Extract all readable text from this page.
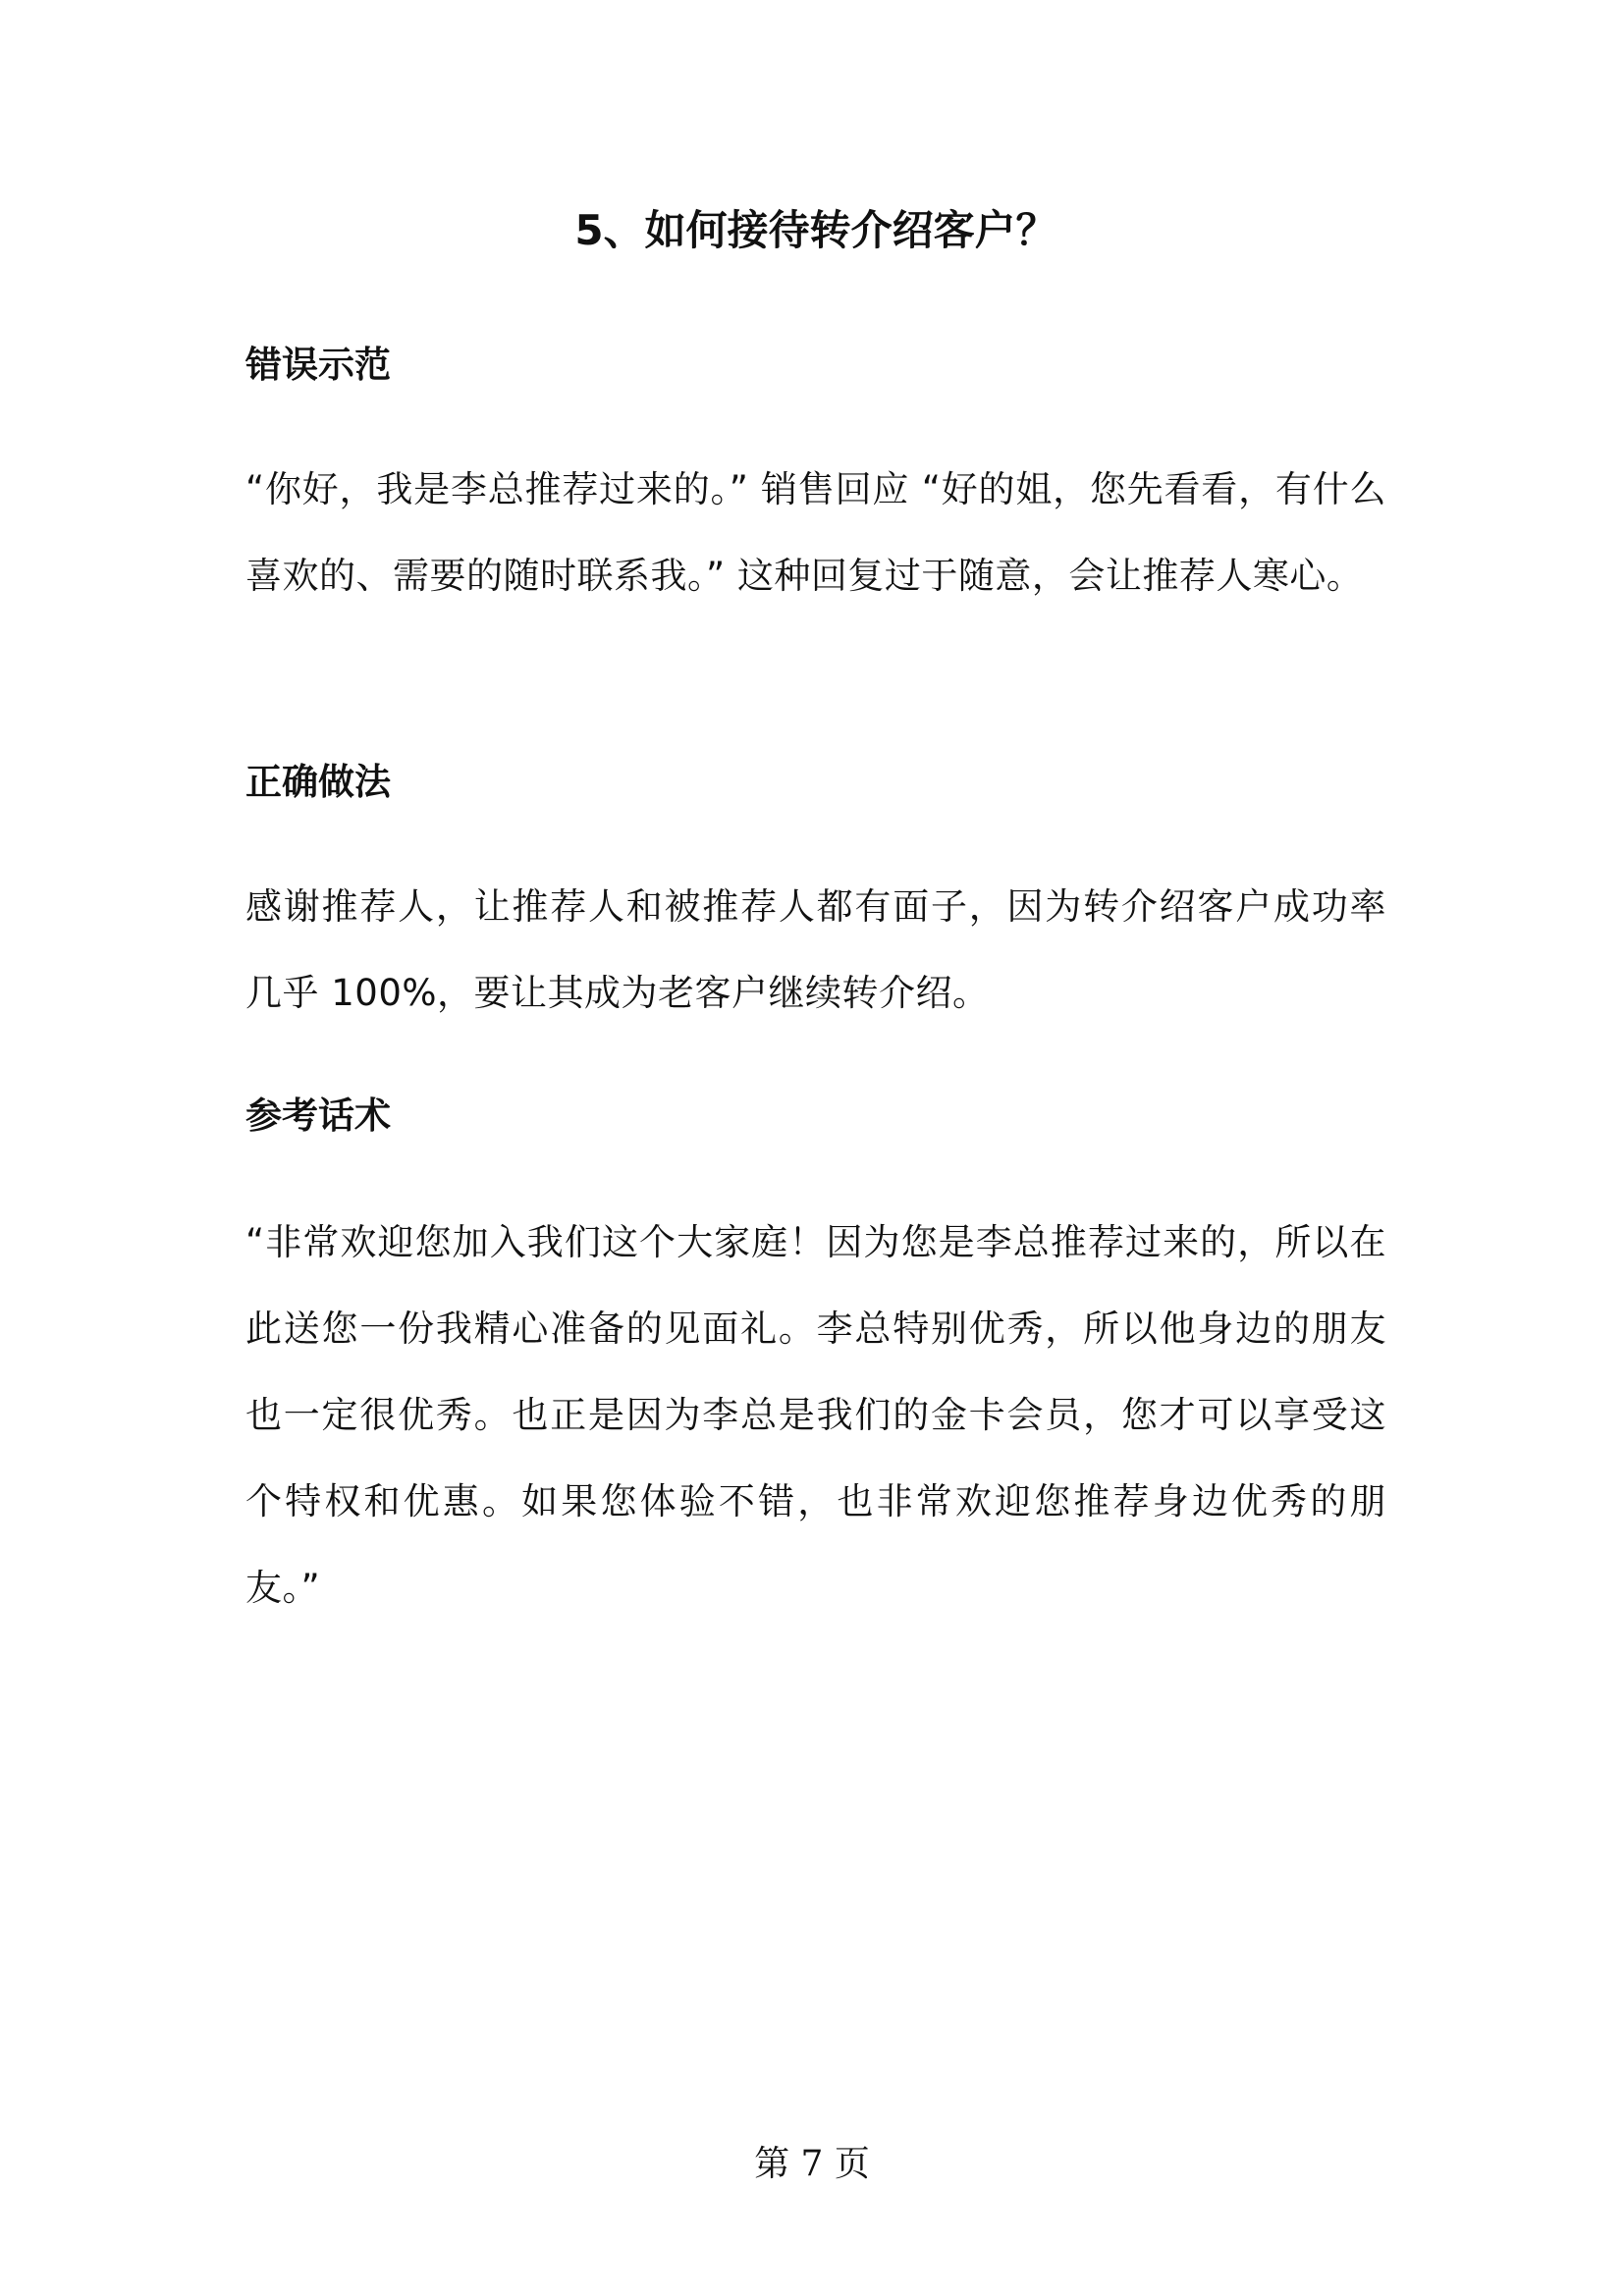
5、如何接待转介绍客户？
错误示范

“你好，我是李总推荐过来的。” 销售回应 “好的姐，您先看看，有什么喜欢的、需要的随时联系我。” 这种回复过于随意，会让推荐人寒心。

正确做法

感谢推荐人，让推荐人和被推荐人都有面子，因为转介绍客户成功率几乎 100%，要让其成为老客户继续转介绍。

参考话术

“非常欢迎您加入我们这个大家庭！因为您是李总推荐过来的，所以在此送您一份我精心准备的见面礼。李总特别优秀，所以他身边的朋友也一定很优秀。也正是因为李总是我们的金卡会员，您才可以享受这个特权和优惠。如果您体验不错，也非常欢迎您推荐身边优秀的朋友。”

第 7 页
